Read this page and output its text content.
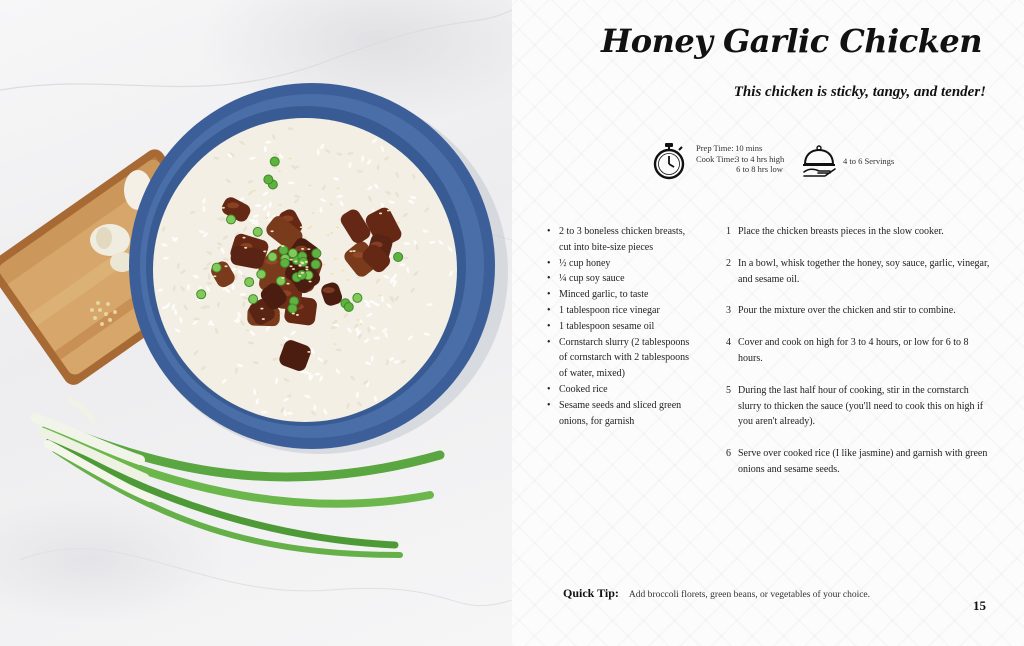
Honey Garlic Chicken
This chicken is sticky, tangy, and tender!
Prep Time: 10 mins
Cook Time: 3 to 4 hrs high
6 to 8 hrs low
4 to 6 Servings
• 2 to 3 boneless chicken breasts, cut into bite-size pieces
• ½ cup honey
• ¼ cup soy sauce
• Minced garlic, to taste
• 1 tablespoon rice vinegar
• 1 tablespoon sesame oil
• Cornstarch slurry (2 tablespoons of cornstarch with 2 tablespoons of water, mixed)
• Cooked rice
• Sesame seeds and sliced green onions, for garnish
1 Place the chicken breasts pieces in the slow cooker.
2 In a bowl, whisk together the honey, soy sauce, garlic, vinegar, and sesame oil.
3 Pour the mixture over the chicken and stir to combine.
4 Cover and cook on high for 3 to 4 hours, or low for 6 to 8 hours.
5 During the last half hour of cooking, stir in the cornstarch slurry to thicken the sauce (you'll need to cook this on high if you aren't already).
6 Serve over cooked rice (I like jasmine) and garnish with green onions and sesame seeds.
Quick Tip: Add broccoli florets, green beans, or vegetables of your choice.
15
